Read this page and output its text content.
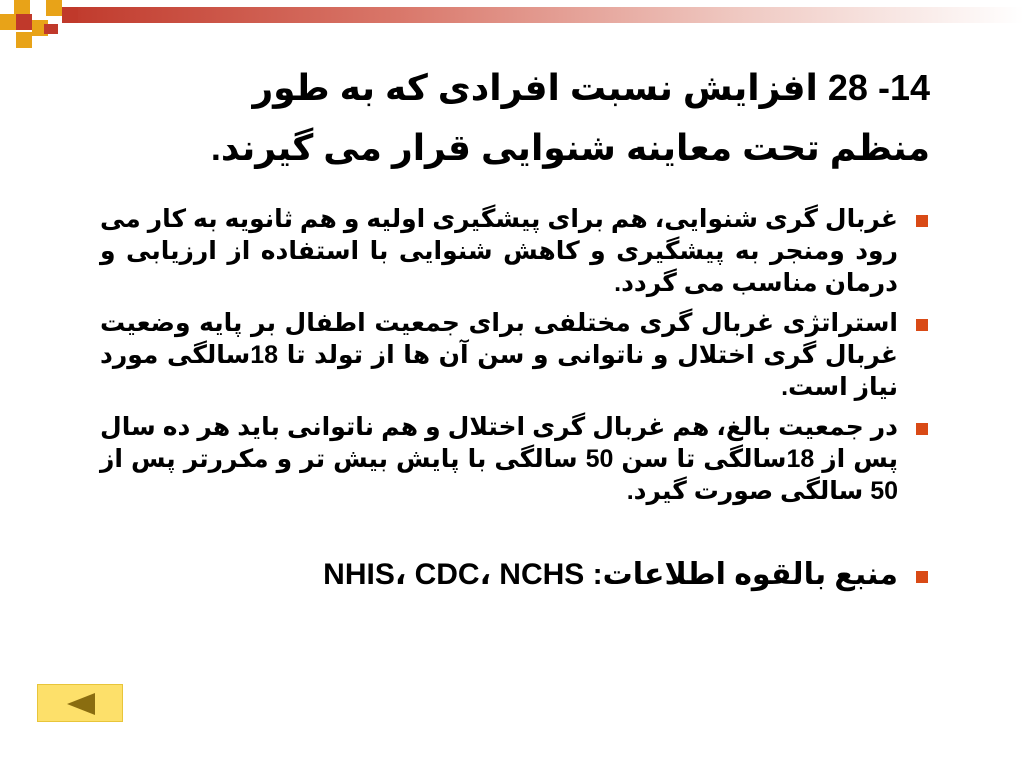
14- 28 افزایش نسبت افرادی که به طور منظم تحت معاینه شنوایی قرار می گیرند.
غربال گری شنوایی، هم برای پیشگیری اولیه و هم ثانویه به کار می رود ومنجر به پیشگیری و کاهش شنوایی با استفاده از ارزیابی و درمان مناسب می گردد.
استراتژی غربال گری مختلفی برای جمعیت اطفال بر پایه وضعیت غربال گری اختلال و ناتوانی و سن آن ها از تولد تا 18سالگی مورد نیاز است.
در جمعیت بالغ، هم غربال گری اختلال و هم ناتوانی باید هر ده سال پس از 18سالگی تا سن 50 سالگی با پایش بیش تر و مکررتر پس از 50 سالگی صورت گیرد.
منبع بالقوه اطلاعات: NHIS، CDC، NCHS
